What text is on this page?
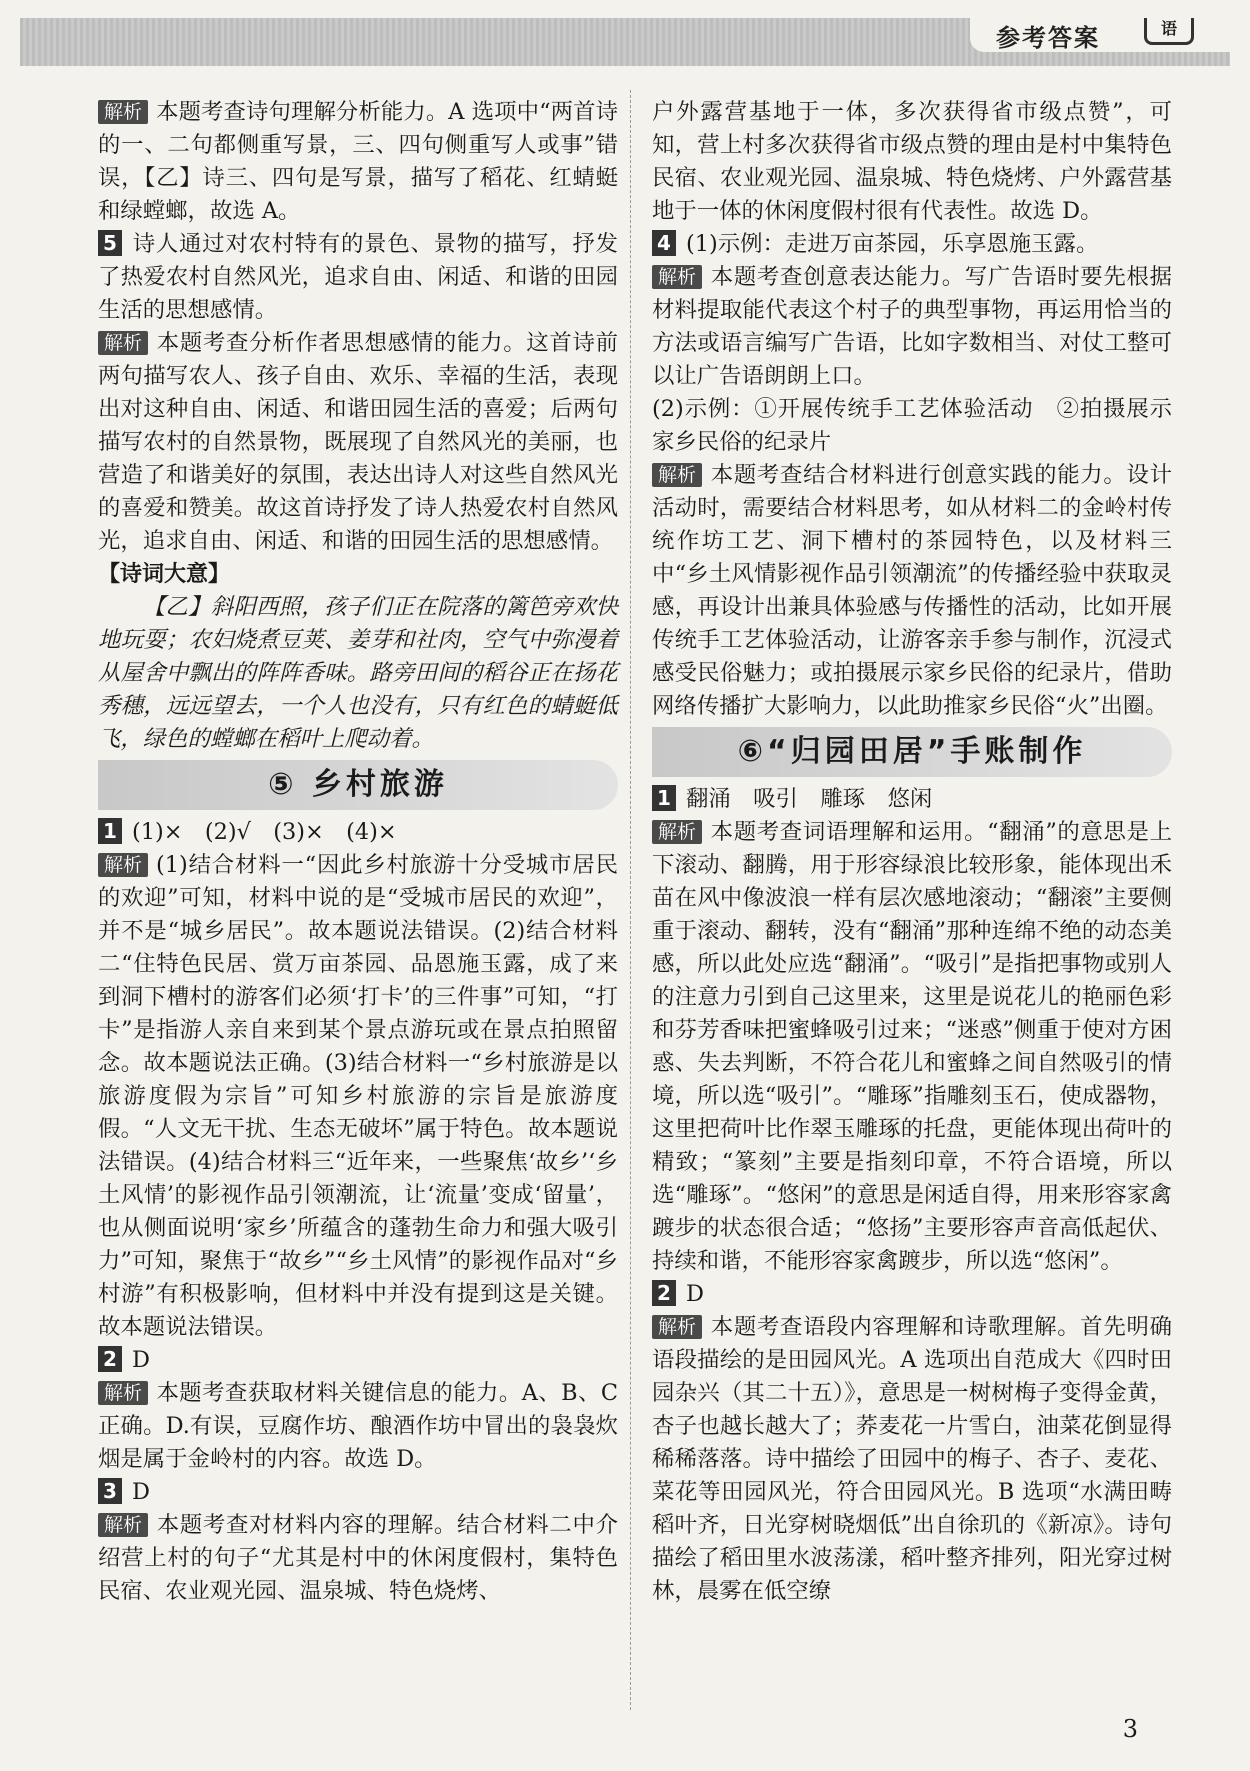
参考答案	语

解析 本题考查诗句理解分析能力。A 选项中“两首诗的一、二句都侧重写景，三、四句侧重写人或事”错误，【乙】诗三、四句是写景，描写了稻花、红蜻蜓和绿螳螂，故选 A。

5 诗人通过对农村特有的景色、景物的描写，抒发了热爱农村自然风光，追求自由、闲适、和谐的田园生活的思想感情。

解析 本题考查分析作者思想感情的能力。这首诗前两句描写农人、孩子自由、欢乐、幸福的生活，表现出对这种自由、闲适、和谐田园生活的喜爱；后两句描写农村的自然景物，既展现了自然风光的美丽，也营造了和谐美好的氛围，表达出诗人对这些自然风光的喜爱和赞美。故这首诗抒发了诗人热爱农村自然风光，追求自由、闲适、和谐的田园生活的思想感情。

【诗词大意】

【乙】斜阳西照，孩子们正在院落的篱笆旁欢快地玩耍；农妇烧煮豆荚、姜芽和社肉，空气中弥漫着从屋舍中飘出的阵阵香味。路旁田间的稻谷正在扬花秀穗，远远望去，一个人也没有，只有红色的蜻蜓低飞，绿色的螳螂在稻叶上爬动着。

⑤ 乡村旅游

1 (1)×　(2)√　(3)×　(4)×

解析 (1)结合材料一“因此乡村旅游十分受城市居民的欢迎”可知，材料中说的是“受城市居民的欢迎”，并不是“城乡居民”。故本题说法错误。(2)结合材料二“住特色民居、赏万亩茶园、品恩施玉露，成了来到洞下槽村的游客们必须‘打卡’的三件事”可知，“打卡”是指游人亲自来到某个景点游玩或在景点拍照留念。故本题说法正确。(3)结合材料一“乡村旅游是以旅游度假为宗旨”可知乡村旅游的宗旨是旅游度假。“人文无干扰、生态无破坏”属于特色。故本题说法错误。(4)结合材料三“近年来，一些聚焦‘故乡’‘乡土风情’的影视作品引领潮流，让‘流量’变成‘留量’，也从侧面说明‘家乡’所蕴含的蓬勃生命力和强大吸引力”可知，聚焦于“故乡”“乡土风情”的影视作品对“乡村游”有积极影响，但材料中并没有提到这是关键。故本题说法错误。

2 D

解析 本题考查获取材料关键信息的能力。A、B、C 正确。D.有误，豆腐作坊、酿酒作坊中冒出的袅袅炊烟是属于金岭村的内容。故选 D。

3 D

解析 本题考查对材料内容的理解。结合材料二中介绍营上村的句子“尤其是村中的休闲度假村，集特色民宿、农业观光园、温泉城、特色烧烤、

户外露营基地于一体，多次获得省市级点赞”，可知，营上村多次获得省市级点赞的理由是村中集特色民宿、农业观光园、温泉城、特色烧烤、户外露营基地于一体的休闲度假村很有代表性。故选 D。

4 (1)示例：走进万亩茶园，乐享恩施玉露。

解析 本题考查创意表达能力。写广告语时要先根据材料提取能代表这个村子的典型事物，再运用恰当的方法或语言编写广告语，比如字数相当、对仗工整可以让广告语朗朗上口。

(2)示例：①开展传统手工艺体验活动　②拍摄展示家乡民俗的纪录片

解析 本题考查结合材料进行创意实践的能力。设计活动时，需要结合材料思考，如从材料二的金岭村传统作坊工艺、洞下槽村的茶园特色，以及材料三中“乡土风情影视作品引领潮流”的传播经验中获取灵感，再设计出兼具体验感与传播性的活动，比如开展传统手工艺体验活动，让游客亲手参与制作，沉浸式感受民俗魅力；或拍摄展示家乡民俗的纪录片，借助网络传播扩大影响力，以此助推家乡民俗“火”出圈。

⑥“归园田居”手账制作

1 翻涌　吸引　雕琢　悠闲

解析 本题考查词语理解和运用。“翻涌”的意思是上下滚动、翻腾，用于形容绿浪比较形象，能体现出禾苗在风中像波浪一样有层次感地滚动；“翻滚”主要侧重于滚动、翻转，没有“翻涌”那种连绵不绝的动态美感，所以此处应选“翻涌”。“吸引”是指把事物或别人的注意力引到自己这里来，这里是说花儿的艳丽色彩和芬芳香味把蜜蜂吸引过来；“迷惑”侧重于使对方困惑、失去判断，不符合花儿和蜜蜂之间自然吸引的情境，所以选“吸引”。“雕琢”指雕刻玉石，使成器物，这里把荷叶比作翠玉雕琢的托盘，更能体现出荷叶的精致；“篆刻”主要是指刻印章，不符合语境，所以选“雕琢”。“悠闲”的意思是闲适自得，用来形容家禽踱步的状态很合适；“悠扬”主要形容声音高低起伏、持续和谐，不能形容家禽踱步，所以选“悠闲”。

2 D

解析 本题考查语段内容理解和诗歌理解。首先明确语段描绘的是田园风光。A 选项出自范成大《四时田园杂兴（其二十五）》，意思是一树树梅子变得金黄，杏子也越长越大了；荞麦花一片雪白，油菜花倒显得稀稀落落。诗中描绘了田园中的梅子、杏子、麦花、菜花等田园风光，符合田园风光。B 选项“水满田畴稻叶齐，日光穿树晓烟低”出自徐玑的《新凉》。诗句描绘了稻田里水波荡漾，稻叶整齐排列，阳光穿过树林，晨雾在低空缭

3
